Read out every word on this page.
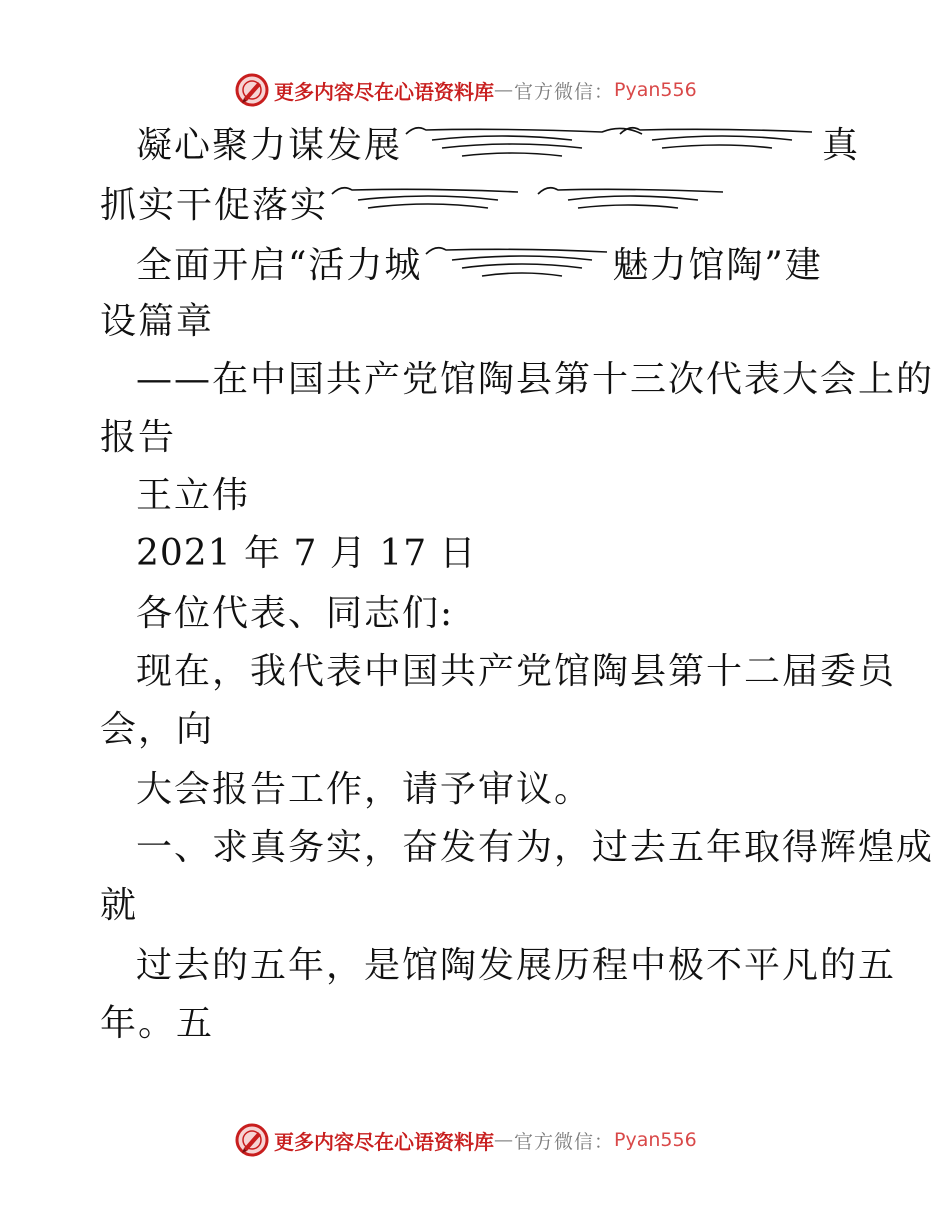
更多内容尽在心语资料库 — 官方微信： Pyan556
凝心聚力谋发展	真
抓实干促落实
全面开启“活力城	魅力馆陶”建
设篇章
——在中国共产党馆陶县第十三次代表大会上的
报告
王立伟
2021 年 7 月 17 日
各位代表、同志们:
现在，我代表中国共产党馆陶县第十二届委员
会，向
大会报告工作，请予审议。
一、求真务实，奋发有为，过去五年取得辉煌成
就
过去的五年，是馆陶发展历程中极不平凡的五
年。五
更多内容尽在心语资料库 — 官方微信： Pyan556
